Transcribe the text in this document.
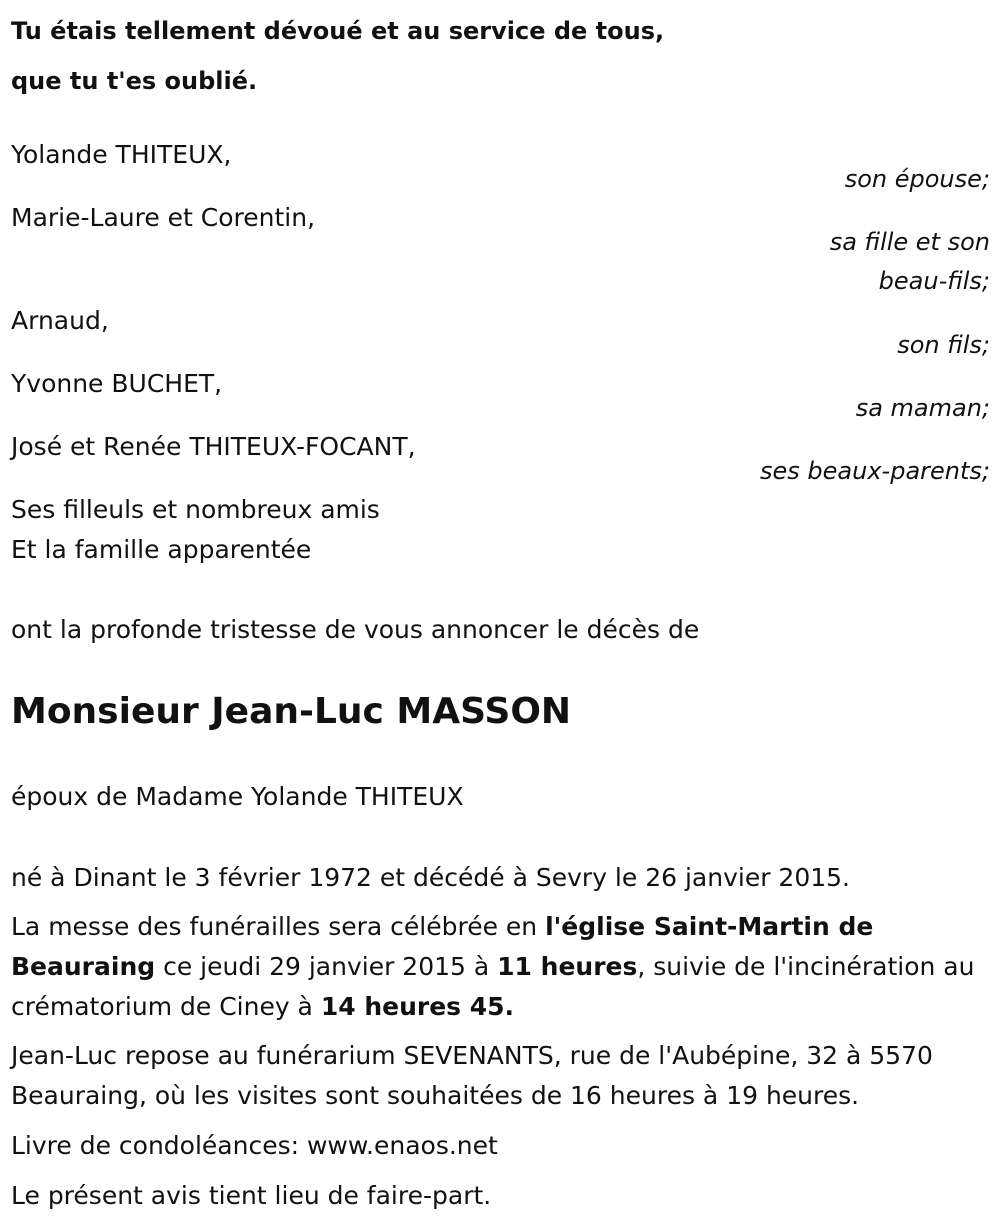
Tu étais tellement dévoué et au service de tous,
que tu t'es oublié.
Yolande THITEUX,
son épouse;
Marie-Laure et Corentin,
sa fille et son
beau-fils;
Arnaud,
son fils;
Yvonne BUCHET,
sa maman;
José et Renée THITEUX-FOCANT,
ses beaux-parents;
Ses filleuls et nombreux amis
Et la famille apparentée
ont la profonde tristesse de vous annoncer le décès de
Monsieur Jean-Luc MASSON
époux de Madame Yolande THITEUX
né à Dinant le 3 février 1972 et décédé à Sevry le 26 janvier 2015.
La messe des funérailles sera célébrée en l'église Saint-Martin de Beauraing ce jeudi 29 janvier 2015 à 11 heures, suivie de l'incinération au crématorium de Ciney à 14 heures 45.
Jean-Luc repose au funérarium SEVENANTS, rue de l'Aubépine, 32 à 5570 Beauraing, où les visites sont souhaitées de 16 heures à 19 heures.
Livre de condoléances: www.enaos.net
Le présent avis tient lieu de faire-part.
